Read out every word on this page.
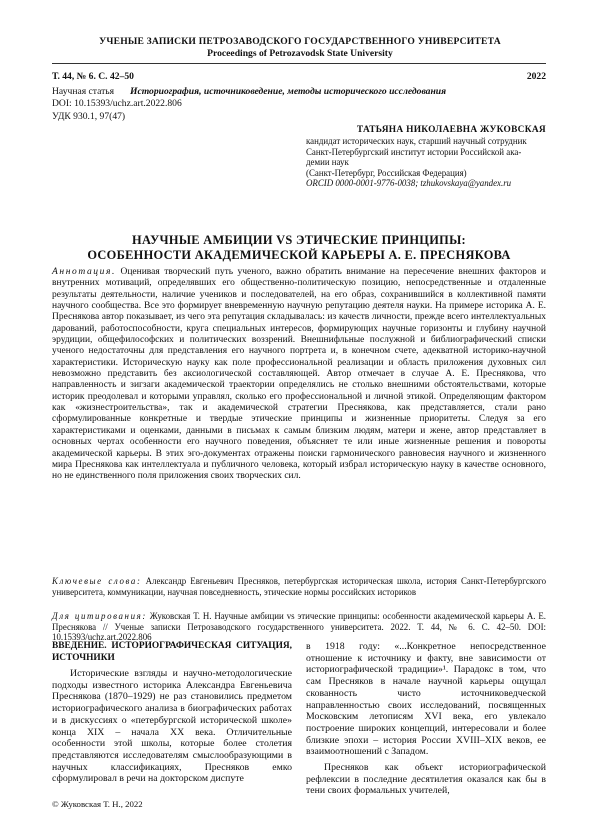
УЧЕНЫЕ ЗАПИСКИ ПЕТРОЗАВОДСКОГО ГОСУДАРСТВЕННОГО УНИВЕРСИТЕТА
Proceedings of Petrozavodsk State University
Т. 44, № 6. С. 42–50	2022
Научная статья	Историография, источниковедение, методы исторического исследования
DOI: 10.15393/uchz.art.2022.806
УДК 930.1, 97(47)
ТАТЬЯНА НИКОЛАЕВНА ЖУКОВСКАЯ
кандидат исторических наук, старший научный сотрудник
Санкт-Петербургский институт истории Российской ака-
демии наук
(Санкт-Петербург, Российская Федерация)
ORCID 0000-0001-9776-0038; tzhukovskaya@yandex.ru
НАУЧНЫЕ АМБИЦИИ VS ЭТИЧЕСКИЕ ПРИНЦИПЫ:
ОСОБЕННОСТИ АКАДЕМИЧЕСКОЙ КАРЬЕРЫ А. Е. ПРЕСНЯКОВА
Аннотация. Оценивая творческий путь ученого, важно обратить внимание на пересечение внешних факторов и внутренних мотиваций, определявших его общественно-политическую позицию, непосредственные и отдаленные результаты деятельности, наличие учеников и последователей, на его образ, сохранившийся в коллективной памяти научного сообщества. Все это формирует вневременную научную репутацию деятеля науки. На примере историка А. Е. Преснякова автор показывает, из чего эта репутация складывалась: из качеств личности, прежде всего интеллектуальных дарований, работоспособности, круга специальных интересов, формирующих научные горизонты и глубину научной эрудиции, общефилософских и политических воззрений. Внешнифльные послужной и библиографический списки ученого недостаточны для представления его научного портрета и, в конечном счете, адекватной историко-научной характеристики. Историческую науку как поле профессиональной реализации и область приложения духовных сил невозможно представить без аксиологической составляющей. Автор отмечает в случае А. Е. Преснякова, что направленность и зигзаги академической траектории определялись не столько внешними обстоятельствами, которые историк преодолевал и которыми управлял, сколько его профессиональной и личной этикой. Определяющим фактором как «жизнестроительства», так и академической стратегии Преснякова, как представляется, стали рано сформулированные конкретные и твердые этические принципы и жизненные приоритеты. Следуя за его характеристиками и оценками, данными в письмах к самым близким людям, матери и жене, автор представляет в основных чертах особенности его научного поведения, объясняет те или иные жизненные решения и повороты академической карьеры. В этих эго-документах отражены поиски гармонического равновесия научного и жизненного мира Преснякова как интеллектуала и публичного человека, который избрал историческую науку в качестве основного, но не единственного поля приложения своих творческих сил.
Ключевые слова: Александр Евгеньевич Пресняков, петербургская историческая школа, история Санкт-Петербургского университета, коммуникации, научная повседневность, этические нормы российских историков
Для цитирования: Жуковская Т. Н. Научные амбиции vs этические принципы: особенности академической карьеры А. Е. Преснякова // Ученые записки Петрозаводского государственного университета. 2022. Т. 44, № 6. С. 42–50. DOI: 10.15393/uchz.art.2022.806
ВВЕДЕНИЕ. ИСТОРИОГРАФИЧЕСКАЯ СИТУАЦИЯ, ИСТОЧНИКИ

Исторические взгляды и научно-методологические подходы известного историка Александра Евгеньевича Преснякова (1870–1929) не раз становились предметом историографического анализа в биографических работах и в дискуссиях о «петербургской исторической школе» конца XIX – начала XX века. Отличительные особенности этой школы, которые более столетия представляются исследователям смыслообразующими в научных классификациях, Пресняков емко сформулировал в речи на докторском диспуте

в 1918 году: «...Конкретное непосредственное отношение к источнику и факту, вне зависимости от историографической традиции»¹. Парадокс в том, что сам Пресняков в начале научной карьеры ощущал скованность чисто источниковедческой направленностью своих исследований, посвященных Московским летописям XVI века, его увлекало построение широких концепций, интересовали и более близкие эпохи – история России XVIII–XIX веков, ее взаимоотношений с Западом.

Пресняков как объект историографической рефлексии в последние десятилетия оказался как бы в тени своих формальных учителей,

© Жуковская Т. Н., 2022
